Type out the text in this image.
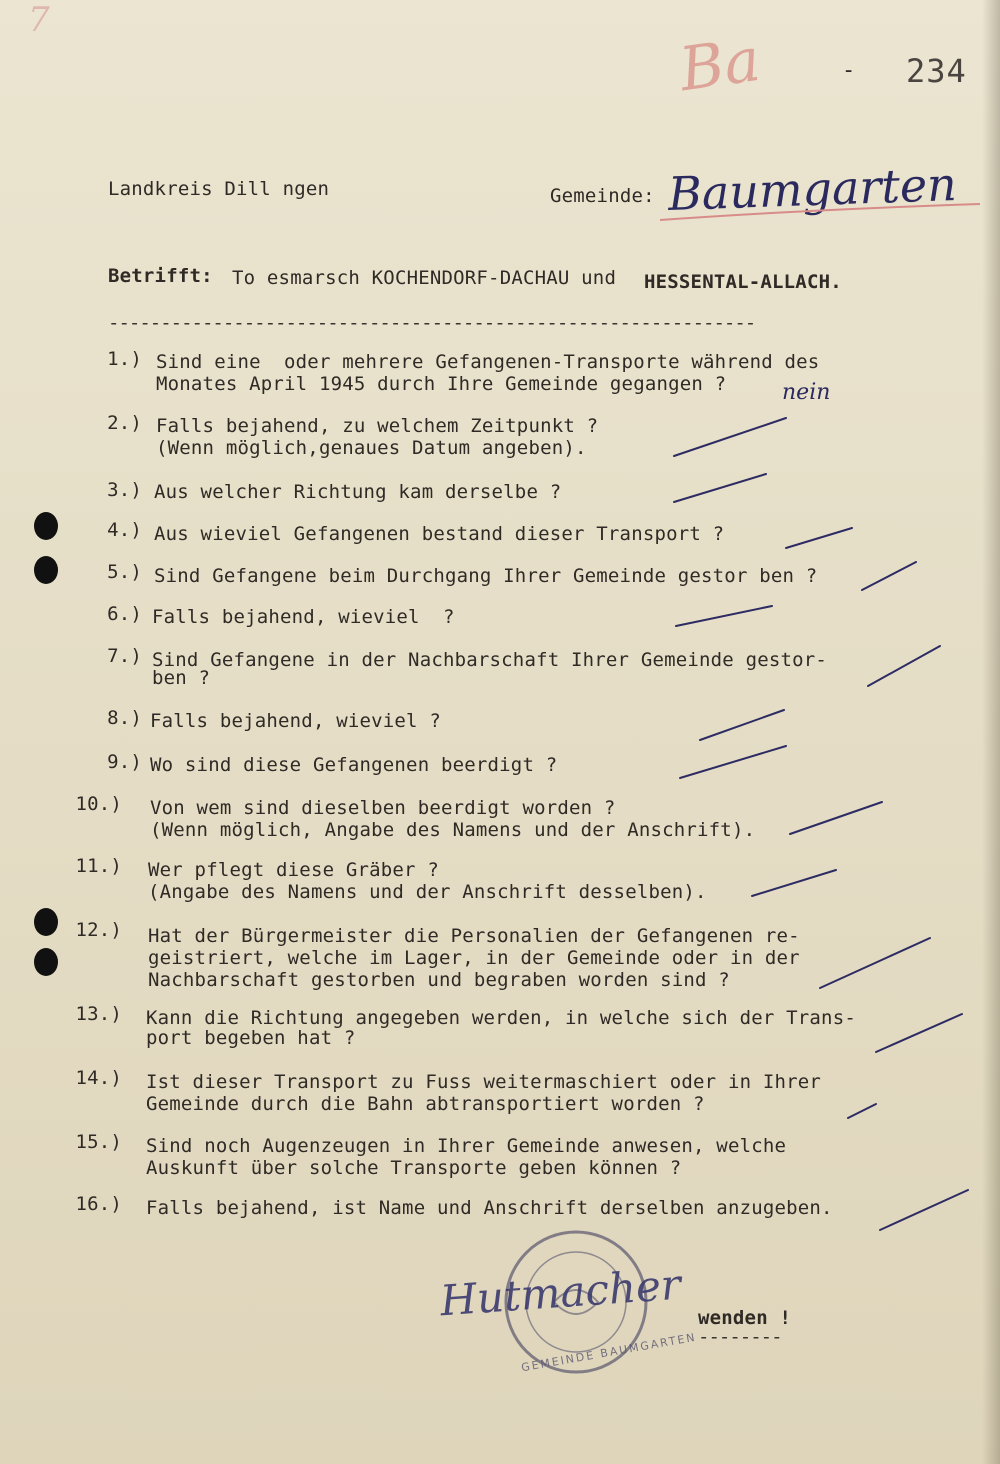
7
Ba	- 234
Landkreis Dill ngen	Gemeinde: Baumgarten
Betrifft: To esmarsch KOCHENDORF-DACHAU und HESSENTAL-ALLACH.
--------------------------------------------------------------
1.) Sind eine  oder mehrere Gefangenen-Transporte während des
Monates April 1945 durch Ihre Gemeinde gegangen ?	nein
2.) Falls bejahend, zu welchem Zeitpunkt ?
(Wenn möglich,genaues Datum angeben).
3.) Aus welcher Richtung kam derselbe ?
4.) Aus wieviel Gefangenen bestand dieser Transport ?
5.) Sind Gefangene beim Durchgang Ihrer Gemeinde gestor ben ?
6.) Falls bejahend, wieviel  ?
7.) Sind Gefangene in der Nachbarschaft Ihrer Gemeinde gestor-
ben ?
8.) Falls bejahend, wieviel ?
9.) Wo sind diese Gefangenen beerdigt ?
10.) Von wem sind dieselben beerdigt worden ?
(Wenn möglich, Angabe des Namens und der Anschrift).
11.) Wer pflegt diese Gräber ?
(Angabe des Namens und der Anschrift desselben).
12.) Hat der Bürgermeister die Personalien der Gefangenen re-
geistriert, welche im Lager, in der Gemeinde oder in der
Nachbarschaft gestorben und begraben worden sind ?
13.) Kann die Richtung angegeben werden, in welche sich der Trans-
port begeben hat ?
14.) Ist dieser Transport zu Fuss weitermaschiert oder in Ihrer
Gemeinde durch die Bahn abtransportiert worden ?
15.) Sind noch Augenzeugen in Ihrer Gemeinde anwesen, welche
Auskunft über solche Transporte geben können ?
16.) Falls bejahend, ist Name und Anschrift derselben anzugeben.
GEMEINDE BAUMGARTEN
Hutmacher wenden !
--------
